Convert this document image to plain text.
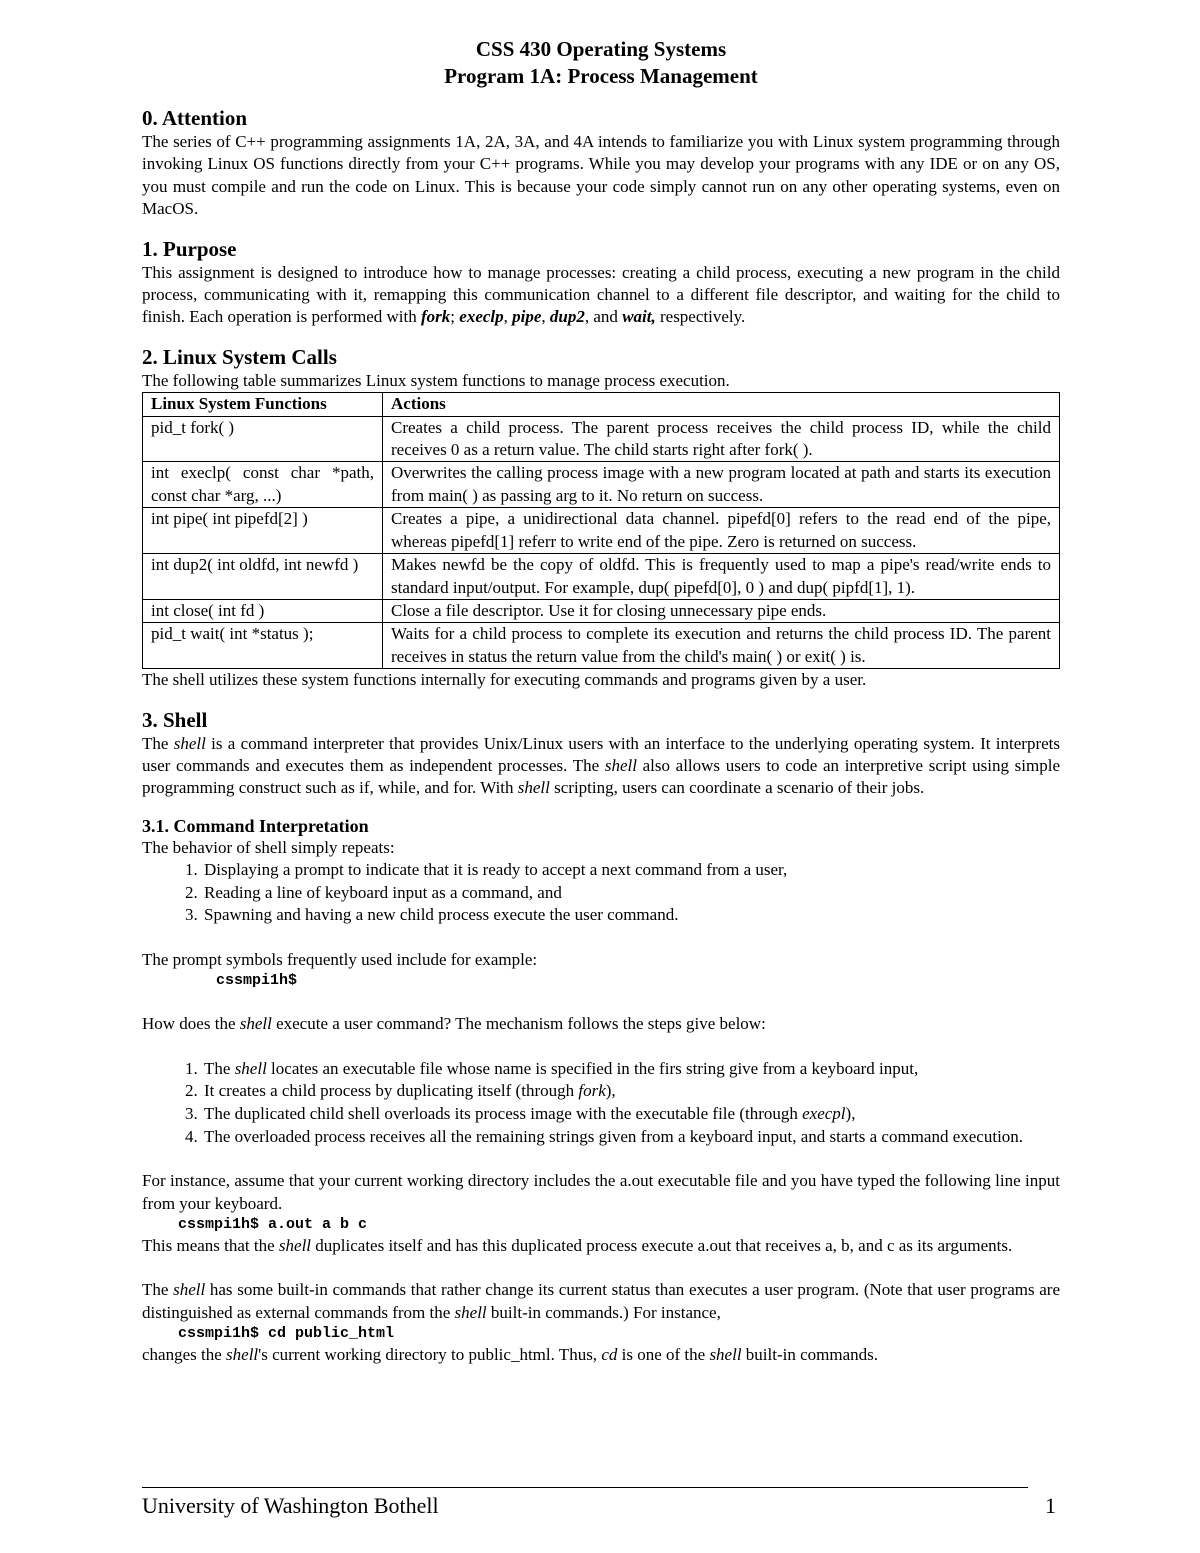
CSS 430 Operating Systems
Program 1A: Process Management
0. Attention

The series of C++ programming assignments 1A, 2A, 3A, and 4A intends to familiarize you with Linux system programming through invoking Linux OS functions directly from your C++ programs. While you may develop your programs with any IDE or on any OS, you must compile and run the code on Linux. This is because your code simply cannot run on any other operating systems, even on MacOS.

1. Purpose

This assignment is designed to introduce how to manage processes: creating a child process, executing a new program in the child process, communicating with it, remapping this communication channel to a different file descriptor, and waiting for the child to finish. Each operation is performed with fork; execlp, pipe, dup2, and wait, respectively.

2. Linux System Calls

The following table summarizes Linux system functions to manage process execution.

Linux System Functions	Actions
pid_t fork( )	Creates a child process. The parent process receives the child process ID, while the child receives 0 as a return value. The child starts right after fork( ).
int execlp( const char *path, const char *arg, ...)	Overwrites the calling process image with a new program located at path and starts its execution from main( ) as passing arg to it. No return on success.
int pipe( int pipefd[2] )	Creates a pipe, a unidirectional data channel. pipefd[0] refers to the read end of the pipe, whereas pipefd[1] referr to write end of the pipe. Zero is returned on success.
int dup2( int oldfd, int newfd )	Makes newfd be the copy of oldfd. This is frequently used to map a pipe's read/write ends to standard input/output. For example, dup( pipefd[0], 0 ) and dup( pipfd[1], 1).
int close( int fd )	Close a file descriptor. Use it for closing unnecessary pipe ends.
pid_t wait( int *status );	Waits for a child process to complete its execution and returns the child process ID. The parent receives in status the return value from the child's main( ) or exit( ) is.

The shell utilizes these system functions internally for executing commands and programs given by a user.

3. Shell

The shell is a command interpreter that provides Unix/Linux users with an interface to the underlying operating system. It interprets user commands and executes them as independent processes. The shell also allows users to code an interpretive script using simple programming construct such as if, while, and for. With shell scripting, users can coordinate a scenario of their jobs.

3.1. Command Interpretation

The behavior of shell simply repeats:

1. Displaying a prompt to indicate that it is ready to accept a next command from a user,
2. Reading a line of keyboard input as a command, and
3. Spawning and having a new child process execute the user command.

The prompt symbols frequently used include for example:

cssmpi1h$

How does the shell execute a user command? The mechanism follows the steps give below:

1. The shell locates an executable file whose name is specified in the firs string give from a keyboard input,
2. It creates a child process by duplicating itself (through fork),
3. The duplicated child shell overloads its process image with the executable file (through execpl),
4. The overloaded process receives all the remaining strings given from a keyboard input, and starts a command execution.

For instance, assume that your current working directory includes the a.out executable file and you have typed the following line input from your keyboard.

cssmpi1h$ a.out a b c

This means that the shell duplicates itself and has this duplicated process execute a.out that receives a, b, and c as its arguments.

The shell has some built-in commands that rather change its current status than executes a user program. (Note that user programs are distinguished as external commands from the shell built-in commands.) For instance,

cssmpi1h$ cd public_html

changes the shell's current working directory to public_html. Thus, cd is one of the shell built-in commands.

University of Washington Bothell	1
